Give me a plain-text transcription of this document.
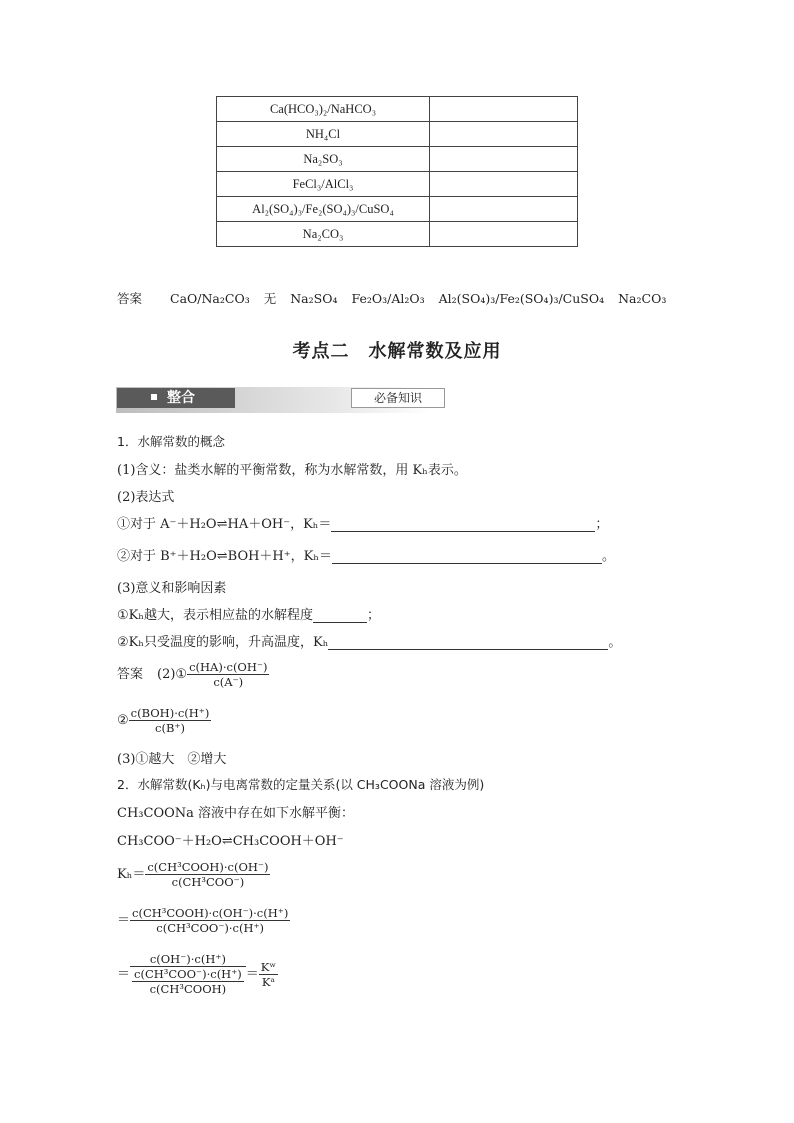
Ca(HCO₃)₂/NaHCO₃	
NH₄Cl	
Na₂SO₃	
FeCl₃/AlCl₃	
Al₂(SO₄)₃/Fe₂(SO₄)₃/CuSO₄	
Na₂CO₃	
答案 CaO/Na₂CO₃ 无 Na₂SO₄ Fe₂O₃/Al₂O₃ Al₂(SO₄)₃/Fe₂(SO₄)₃/CuSO₄ Na₂CO₃
考点二　水解常数及应用
整合	必备知识
1．水解常数的概念
(1)含义：盐类水解的平衡常数，称为水解常数，用 Kₕ表示。
(2)表达式
①对于 A⁻＋H₂O⇌HA＋OH⁻，Kₕ＝	；
②对于 B⁺＋H₂O⇌BOH＋H⁺，Kₕ＝	。
(3)意义和影响因素
①Kₕ越大，表示相应盐的水解程度	；
②Kₕ只受温度的影响，升高温度，Kₕ	。
答案 (2)① $\frac{c(HA)\cdot c(OH^-)}{c(A^-)}$
② $\frac{\text{c(BOH)·c(H⁺)}}{c(B^+)}$
(3)①越大　②增大
2．水解常数(Kₕ)与电离常数的定量关系(以 CH₃COONa 溶液为例)
CH₃COONa 溶液中存在如下水解平衡：
CH₃COO⁻＋H₂O⇌CH₃COOH＋OH⁻
$K_h= \frac{\text{c(CH³COOH)·c(OH⁻)}}{\text{c(CH³COO⁻)}}$
＝ $\frac{\text{c(CH³COOH)·c(OH⁻)·c(H⁺)}}{\text{c(CH³COO⁻)·c(H⁺)}}$
＝ c(OH⁻)·c(H⁺)
c(CH³COO⁻)·c(H⁺)
c(CH³COOH) ＝ $\frac{\text{Kʷ}}{\text{Kᵃ}}$
